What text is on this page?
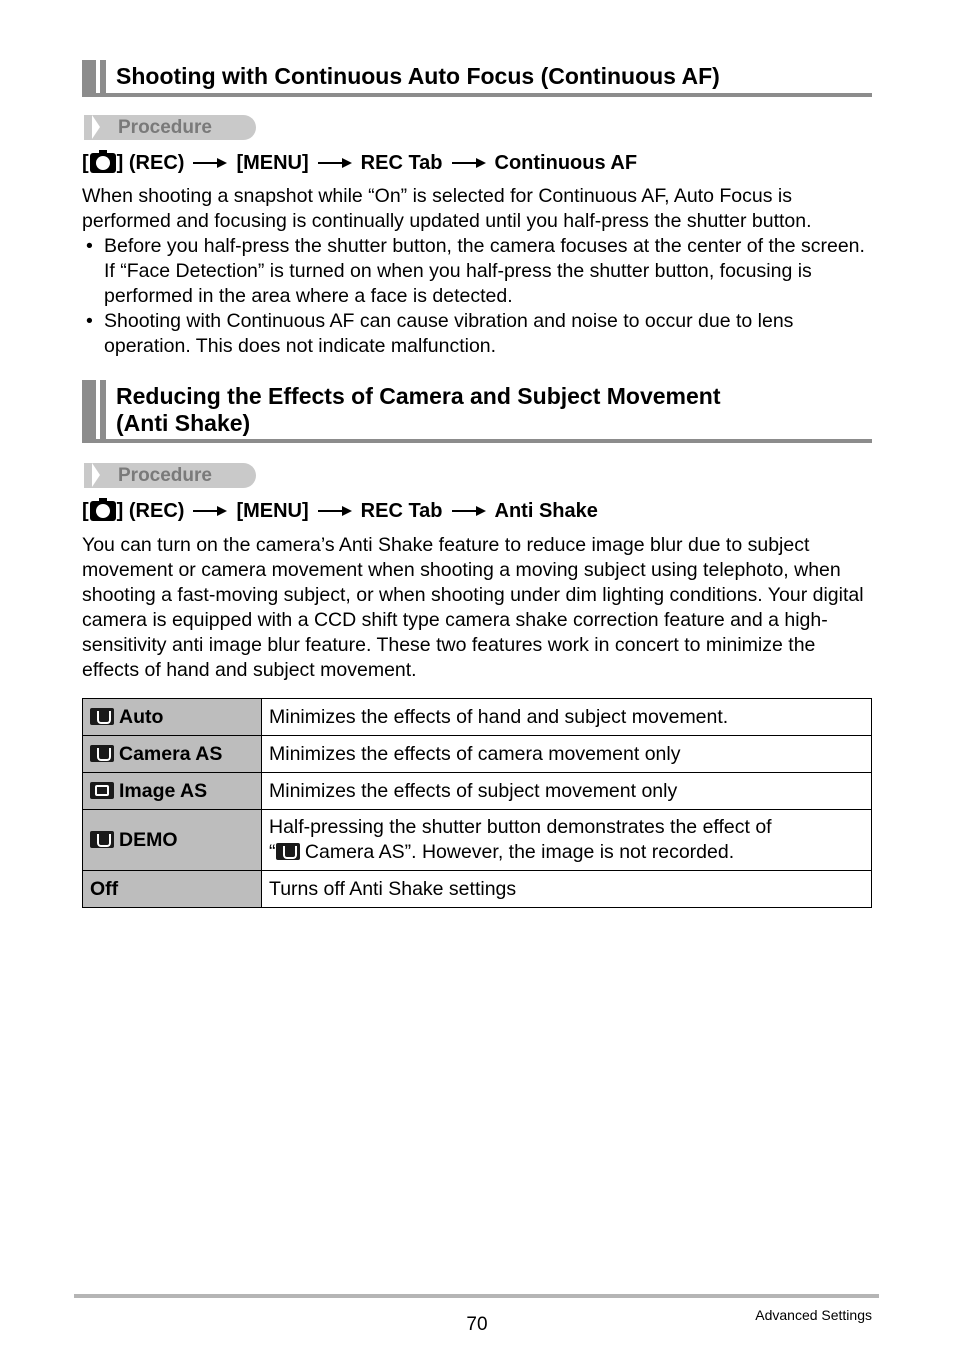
Shooting with Continuous Auto Focus (Continuous AF)
Procedure
[ ] (REC)	[MENU]	REC Tab	Continuous AF

When shooting a snapshot while “On” is selected for Continuous AF, Auto Focus is performed and focusing is continually updated until you half-press the shutter button.

• Before you half-press the shutter button, the camera focuses at the center of the screen. If “Face Detection” is turned on when you half-press the shutter button, focusing is performed in the area where a face is detected.
• Shooting with Continuous AF can cause vibration and noise to occur due to lens operation. This does not indicate malfunction.
Reducing the Effects of Camera and Subject Movement
(Anti Shake)
Procedure
[ ] (REC)	[MENU]	REC Tab	Anti Shake

You can turn on the camera’s Anti Shake feature to reduce image blur due to subject movement or camera movement when shooting a moving subject using telephoto, when shooting a fast-moving subject, or when shooting under dim lighting conditions. Your digital camera is equipped with a CCD shift type camera shake correction feature and a high-sensitivity anti image blur feature. These two features work in concert to minimize the effects of hand and subject movement.

Auto	Minimizes the effects of hand and subject movement.
Camera AS	Minimizes the effects of camera movement only
Image AS	Minimizes the effects of subject movement only
DEMO	Half-pressing the shutter button demonstrates the effect of
“ Camera AS”. However, the image is not recorded.

Off	Turns off Anti Shake settings
70	Advanced Settings
